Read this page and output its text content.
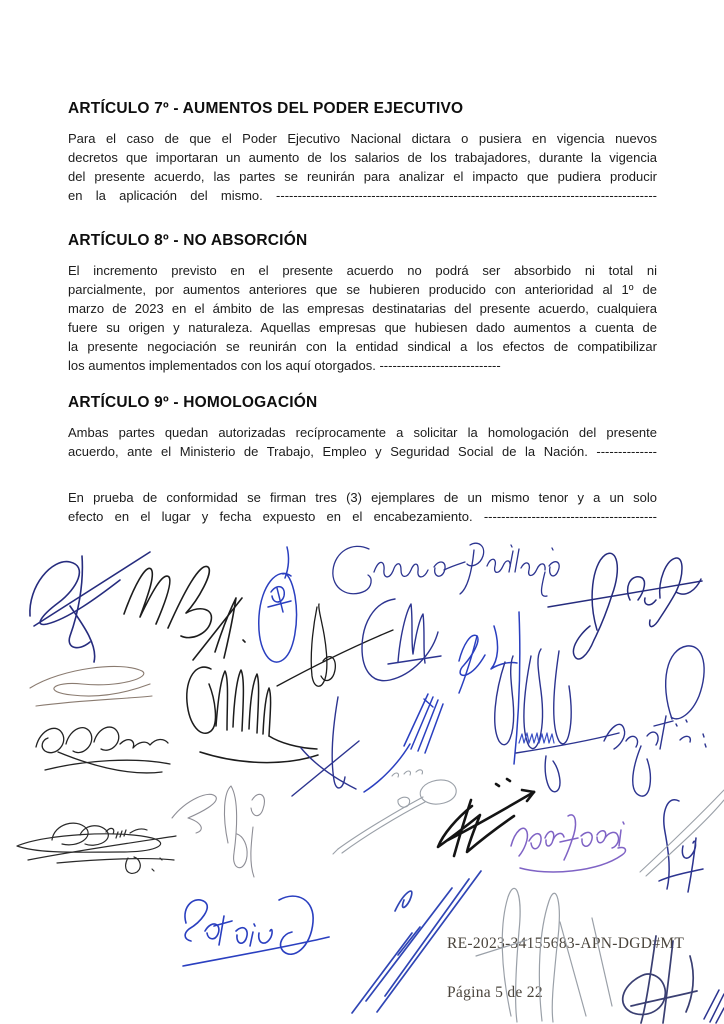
ARTÍCULO 7º - AUMENTOS DEL PODER EJECUTIVO
Para el caso de que el Poder Ejecutivo Nacional dictara o pusiera en vigencia nuevos
decretos que importaran un aumento de los salarios de los trabajadores, durante la vigencia
del presente acuerdo, las partes se reunirán para analizar el impacto que pudiera producir
en la aplicación del mismo. ----------------------------------------------------------------------------------------
ARTÍCULO 8º - NO ABSORCIÓN
El incremento previsto en el presente acuerdo no podrá ser absorbido ni total ni
parcialmente, por aumentos anteriores que se hubieren producido con anterioridad al 1º de
marzo de 2023 en el ámbito de las empresas destinatarias del presente acuerdo, cualquiera
fuere su origen y naturaleza. Aquellas empresas que hubiesen dado aumentos a cuenta de
la presente negociación se reunirán con la entidad sindical a los efectos de compatibilizar
los aumentos implementados con los aquí otorgados. ----------------------------
ARTÍCULO 9º - HOMOLOGACIÓN
Ambas partes quedan autorizadas recíprocamente a solicitar la homologación del presente
acuerdo, ante el Ministerio de Trabajo, Empleo y Seguridad Social de la Nación. --------------
En prueba de conformidad se firman tres (3) ejemplares de un mismo tenor y a un solo
efecto en el lugar y fecha expuesto en el encabezamiento. ----------------------------------------
RE-2023-34155683-APN-DGD#MT
Página 5 de 22
